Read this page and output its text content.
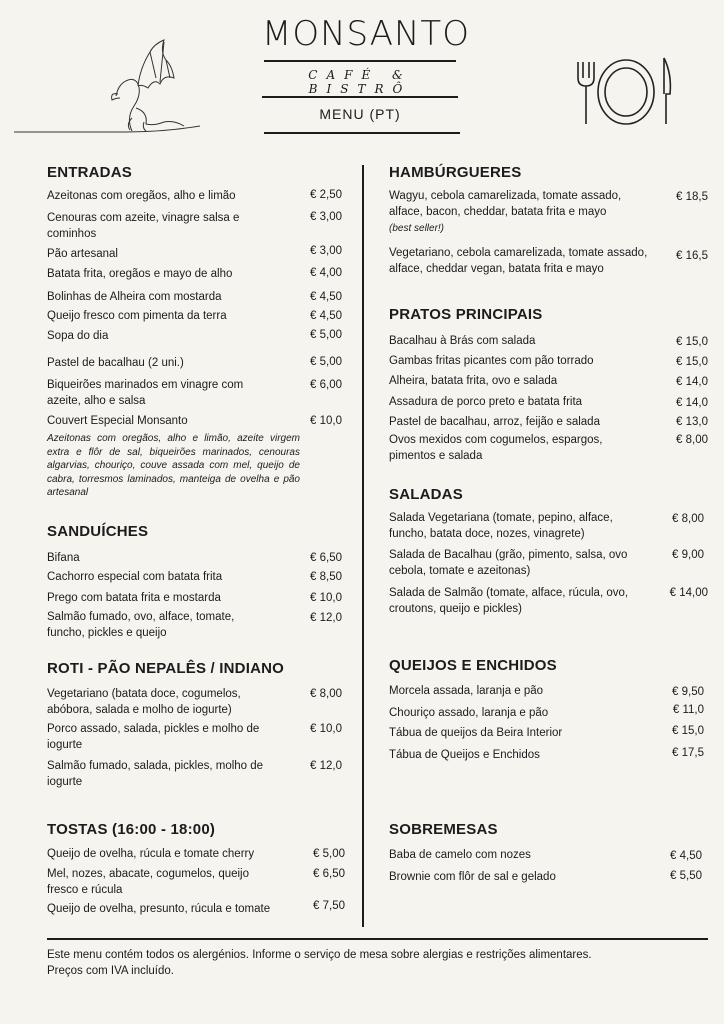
MONSANTO
CAFÉ & BISTRÔ
MENU (PT)
ENTRADAS
Azeitonas com oregãos, alho e limão	€ 2,50
Cenouras com azeite, vinagre salsa e cominhos
€ 3,00
Pão artesanal	€ 3,00
Batata frita, oregãos e mayo de alho	€ 4,00
Bolinhas de Alheira com mostarda	€ 4,50
Queijo fresco com pimenta da terra	€ 4,50
Sopa do dia	€ 5,00
Pastel de bacalhau (2 uni.)	€ 5,00
Biqueirões marinados em vinagre com azeite, alho e salsa
€ 6,00
Couvert Especial Monsanto	€ 10,0
Azeitonas com oregãos, alho e limão, azeite virgem extra e flôr de sal, biqueirões marinados, cenouras algarvias, chouriço, couve assada com mel, queijo de cabra, torresmos laminados, manteiga de ovelha e pão artesanal
SANDUÍCHES
Bifana	€ 6,50
Cachorro especial com batata frita	€ 8,50
Prego com batata frita e mostarda	€ 10,0
Salmão fumado, ovo, alface, tomate, funcho, pickles e queijo
€ 12,0
ROTI - PÃO NEPALÊS / INDIANO
Vegetariano (batata doce, cogumelos, abóbora, salada e molho de iogurte)
€ 8,00
Porco assado, salada, pickles e molho de iogurte
€ 10,0
Salmão fumado, salada, pickles, molho de iogurte
€ 12,0
TOSTAS (16:00 - 18:00)
Queijo de ovelha, rúcula e tomate cherry	€ 5,00
Mel, nozes, abacate, cogumelos, queijo fresco e rúcula
€ 6,50
Queijo de ovelha, presunto, rúcula e tomate	€ 7,50
HAMBÚRGUERES
Wagyu, cebola camarelizada, tomate assado, alface, bacon, cheddar, batata frita e mayo
(best seller!)
€ 18,5
Vegetariano, cebola camarelizada, tomate assado, alface, cheddar vegan, batata frita e mayo
€ 16,5
PRATOS PRINCIPAIS
Bacalhau à Brás com salada	€ 15,0
Gambas fritas picantes com pão torrado	€ 15,0
Alheira, batata frita, ovo e salada	€ 14,0
Assadura de porco preto e batata frita	€ 14,0
Pastel de bacalhau, arroz, feijão e salada	€ 13,0
Ovos mexidos com cogumelos, espargos, pimentos e salada
€ 8,00
SALADAS
Salada Vegetariana (tomate, pepino, alface, funcho, batata doce, nozes, vinagrete)
€ 8,00
Salada de Bacalhau (grão, pimento, salsa, ovo cebola, tomate e azeitonas)
€ 9,00
Salada de Salmão (tomate, alface, rúcula, ovo, croutons, queijo e pickles)
€ 14,00
QUEIJOS E ENCHIDOS
Morcela assada, laranja e pão	€ 9,50
Chouriço assado, laranja e pão	€ 11,0
Tábua de queijos da Beira Interior	€ 15,0
Tábua de Queijos e Enchidos	€ 17,5
SOBREMESAS
Baba de camelo com nozes	€ 4,50
Brownie com flôr de sal e gelado	€ 5,50
Este menu contém todos os alergénios. Informe o serviço de mesa sobre alergias e restrições alimentares.
Preços com IVA incluído.
